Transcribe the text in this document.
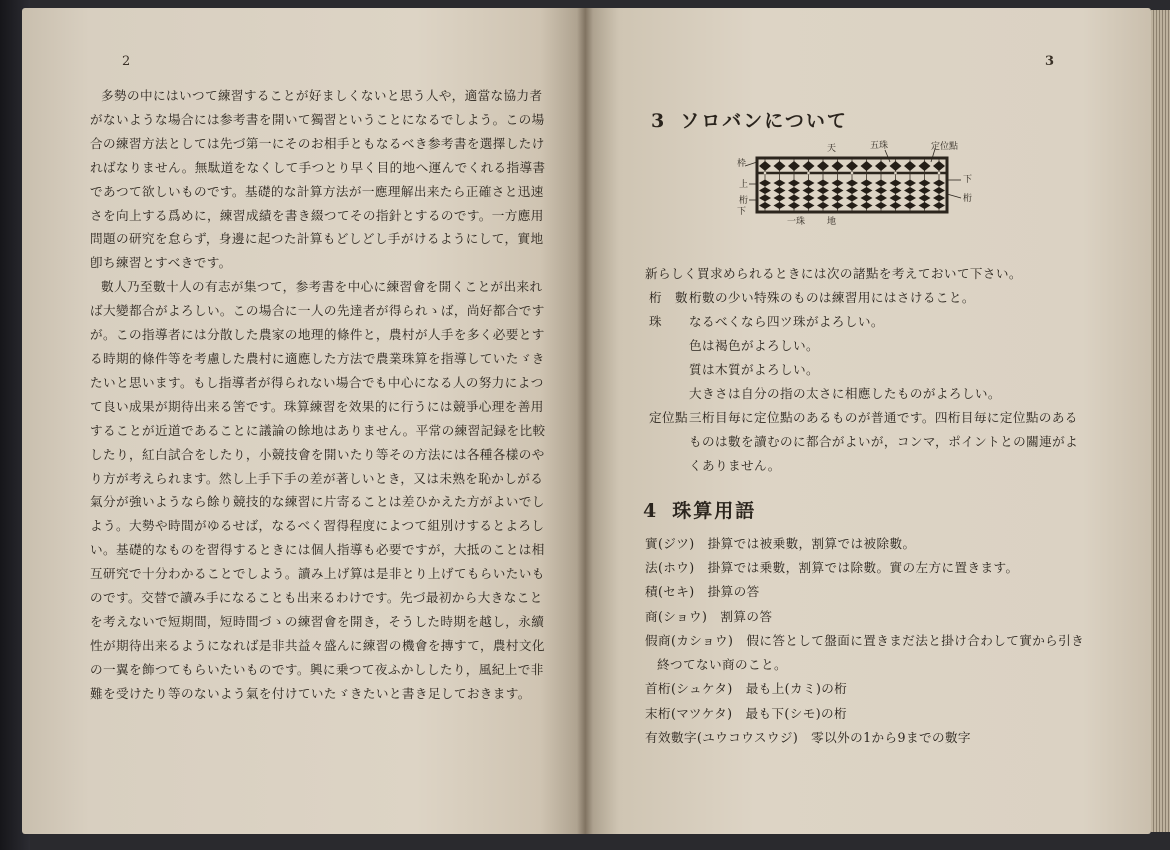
2

多勢の中にはいつて練習することが好ましくないと思う人や，適當な協力者

がないような場合には参考書を開いて獨習ということになるでしよう。この場

合の練習方法としては先づ第一にそのお相手ともなるべき参考書を選擇したけ

ればなりません。無駄道をなくして手つとり早く目的地へ運んでくれる指導書

であつて欲しいものです。基礎的な計算方法が一應理解出来たら正確さと迅速

さを向上する爲めに，練習成績を書き綴つてその指針とするのです。一方應用

問題の研究を怠らず，身邊に起つた計算もどしどし手がけるようにして，實地

卽ち練習とすべきです。

數人乃至數十人の有志が集つて，参考書を中心に練習會を開くことが出来れ

ば大變都合がよろしい。この場合に一人の先達者が得られゝば，尚好都合です

が。この指導者には分散した農家の地理的條件と，農村が人手を多く必要とす

る時期的條件等を考慮した農村に適應した方法で農業珠算を指導していたゞき

たいと思います。もし指導者が得られない場合でも中心になる人の努力によつ

て良い成果が期待出来る筈です。珠算練習を效果的に行うには競爭心理を善用

することが近道であることに議論の餘地はありません。平常の練習記録を比較

したり，紅白試合をしたり，小競技會を開いたり等その方法には各種各樣のや

り方が考えられます。然し上手下手の差が著しいとき，又は未熟を恥かしがる

氣分が強いようなら餘り競技的な練習に片寄ることは差ひかえた方がよいでし

よう。大勢や時間がゆるせば，なるべく習得程度によつて組別けするとよろし

い。基礎的なものを習得するときには個人指導も必要ですが，大抵のことは相

互研究で十分わかることでしよう。讀み上げ算は是非とり上げてもらいたいも

のです。交替で讀み手になることも出来るわけです。先づ最初から大きなこと

を考えないで短期間，短時間づゝの練習會を開き，そうした時期を越し，永續

性が期待出来るようになれば是非共益々盛んに練習の機會を摶すて，農村文化

の一翼を飾つてもらいたいものです。興に乗つて夜ふかししたり，風紀上で非

難を受けたり等のないよう氣を付けていたゞきたいと書き足しておきます。

3
3 ソロバンについて
天	五珠	定位點
枠
上
桁
下
下
桁
一珠 地
新らしく買求められるときには次の諸點を考えておいて下さい。
桁　數 桁數の少い特殊のものは練習用にはさけること。
珠	なるべくなら四ツ珠がよろしい。
色は褐色がよろしい。
質は木質がよろしい。
大きさは自分の指の太さに相應したものがよろしい。
定位點 三桁目毎に定位點のあるものが普通です。四桁目毎に定位點のある
ものは數を讀むのに都合がよいが，コンマ，ポイントとの關連がよ
くありません。
4 珠算用語
實(ジツ)　掛算では被乗數，割算では被除數。
法(ホウ)　掛算では乗數，割算では除數。實の左方に置きます。
積(セキ)　掛算の答
商(ショウ)　割算の答
假商(カショウ)　假に答として盤面に置きまだ法と掛け合わして實から引き
終つてない商のこと。
首桁(シュケタ)　最も上(カミ)の桁
末桁(マツケタ)　最も下(シモ)の桁
有效數字(ユウコウスウジ)　零以外の1から9までの數字
